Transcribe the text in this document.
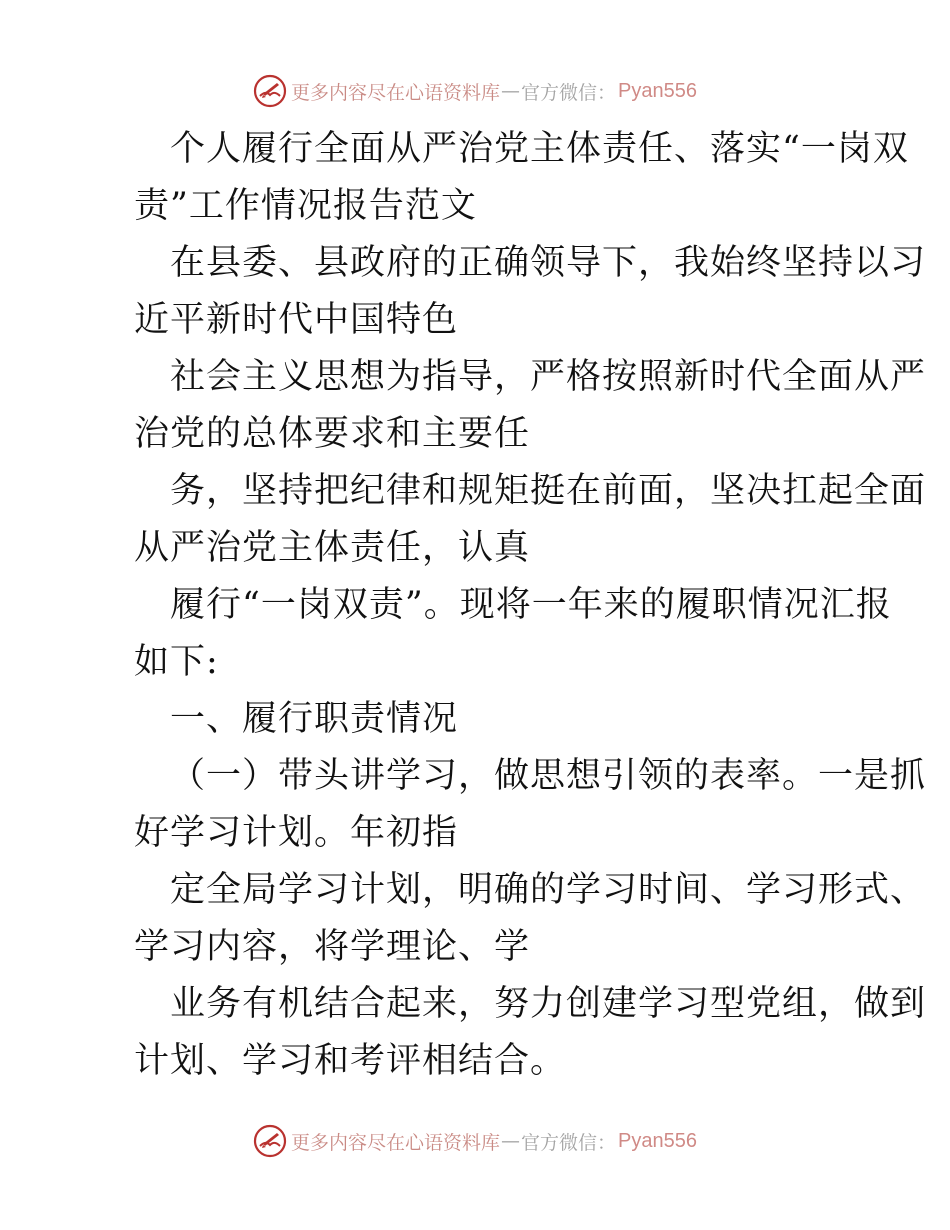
更多内容尽在心语资料库 — 官方微信 ： Pyan556
个人履行全面从严治党主体责任、落实“一岗双
责”工作情况报告范文
在县委、县政府的正确领导下，我始终坚持以习
近平新时代中国特色
社会主义思想为指导，严格按照新时代全面从严
治党的总体要求和主要任
务，坚持把纪律和规矩挺在前面，坚决扛起全面
从严治党主体责任，认真
履行“一岗双责”。现将一年来的履职情况汇报
如下:
一、履行职责情况
（一）带头讲学习，做思想引领的表率。一是抓
好学习计划。年初指
定全局学习计划，明确的学习时间、学习形式、
学习内容，将学理论、学
业务有机结合起来，努力创建学习型党组，做到
计划、学习和考评相结合。
更多内容尽在心语资料库 — 官方微信 ： Pyan556
